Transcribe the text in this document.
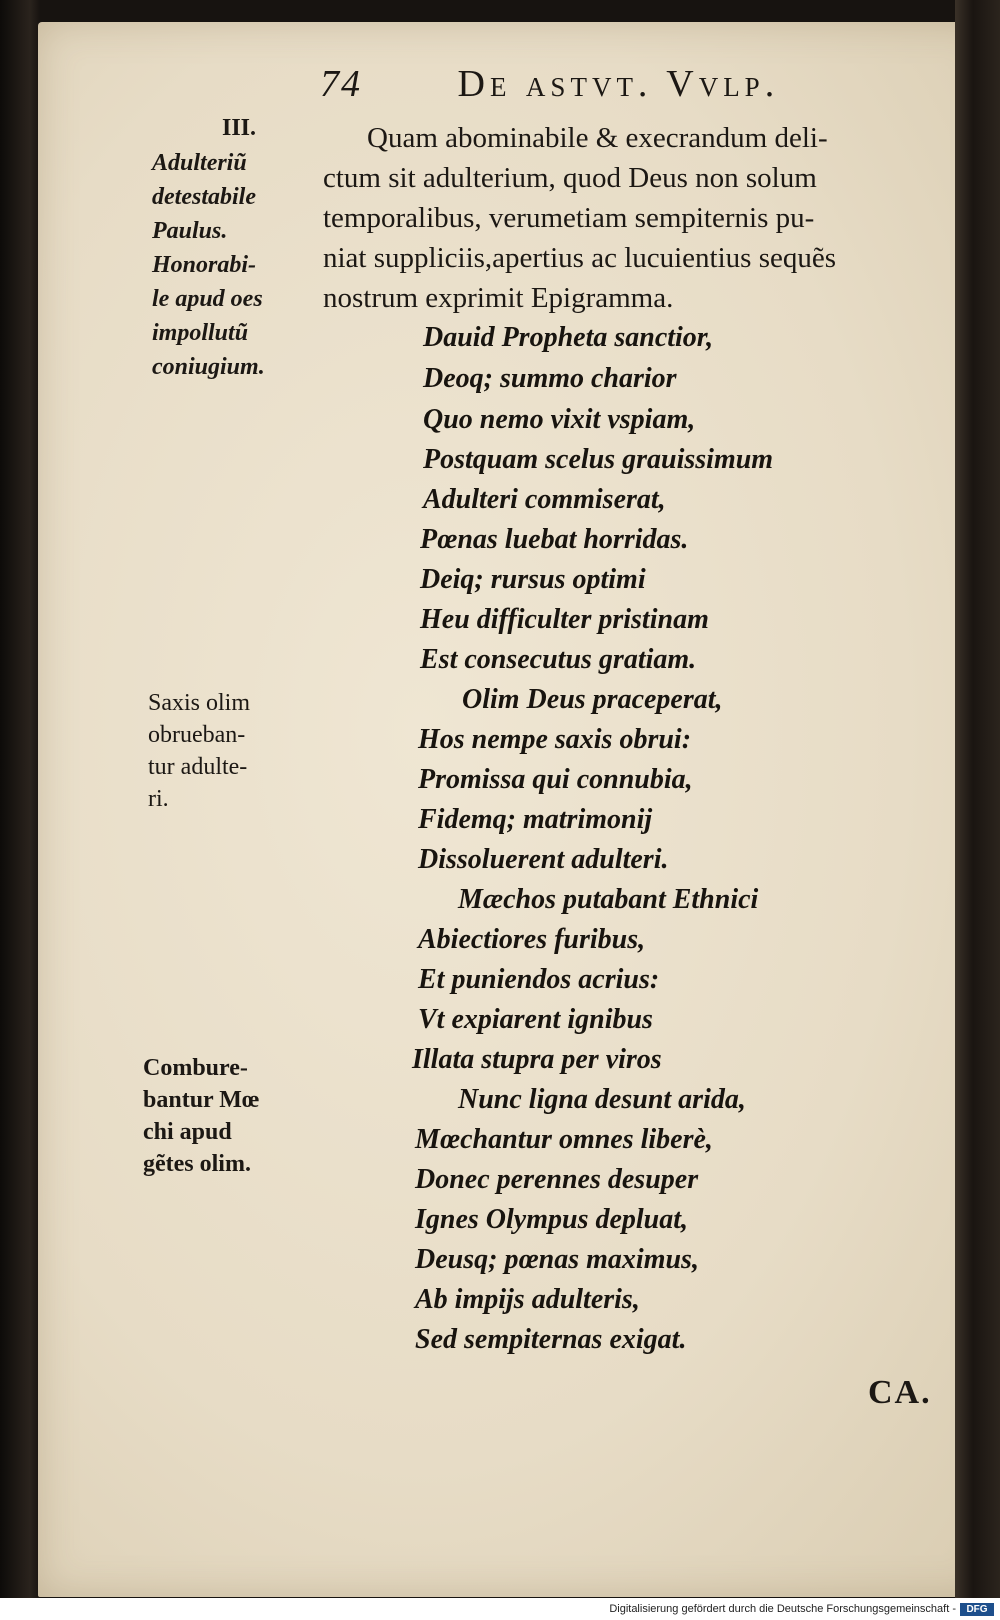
74	De astvt. Vvlp.
III.
Adulteriũ
detestabile
Paulus.
Honorabi-
le apud oes
impollutũ
coniugium.
Quam abominabile & execrandum deli-
ctum sit adulterium, quod Deus non solum
temporalibus, verumetiam sempiternis pu-
niat suppliciis,apertius ac lucuientius sequẽs
nostrum exprimit Epigramma.
Dauid Propheta sanctior,
Deoq; summo charior
Quo nemo vixit vspiam,
Postquam scelus grauissimum
Adulteri commiserat,
Pœnas luebat horridas.
Deiq; rursus optimi
Heu difficulter pristinam
Est consecutus gratiam.
Olim Deus praceperat,
Hos nempe saxis obrui:
Promissa qui connubia,
Fidemq; matrimonij
Dissoluerent adulteri.
Mæchos putabant Ethnici
Abiectiores furibus,
Et puniendos acrius:
Vt expiarent ignibus
Illata stupra per viros
Nunc ligna desunt arida,
Mœchantur omnes liberè,
Donec perennes desuper
Ignes Olympus depluat,
Deusq; pœnas maximus,
Ab impijs adulteris,
Sed sempiternas exigat.
Saxis olim
obrueban-
tur adulte-
ri.
Combure-
bantur Mœ
chi apud
gẽtes olim.
CA.
Digitalisierung gefördert durch die Deutsche Forschungsgemeinschaft -	DFG
